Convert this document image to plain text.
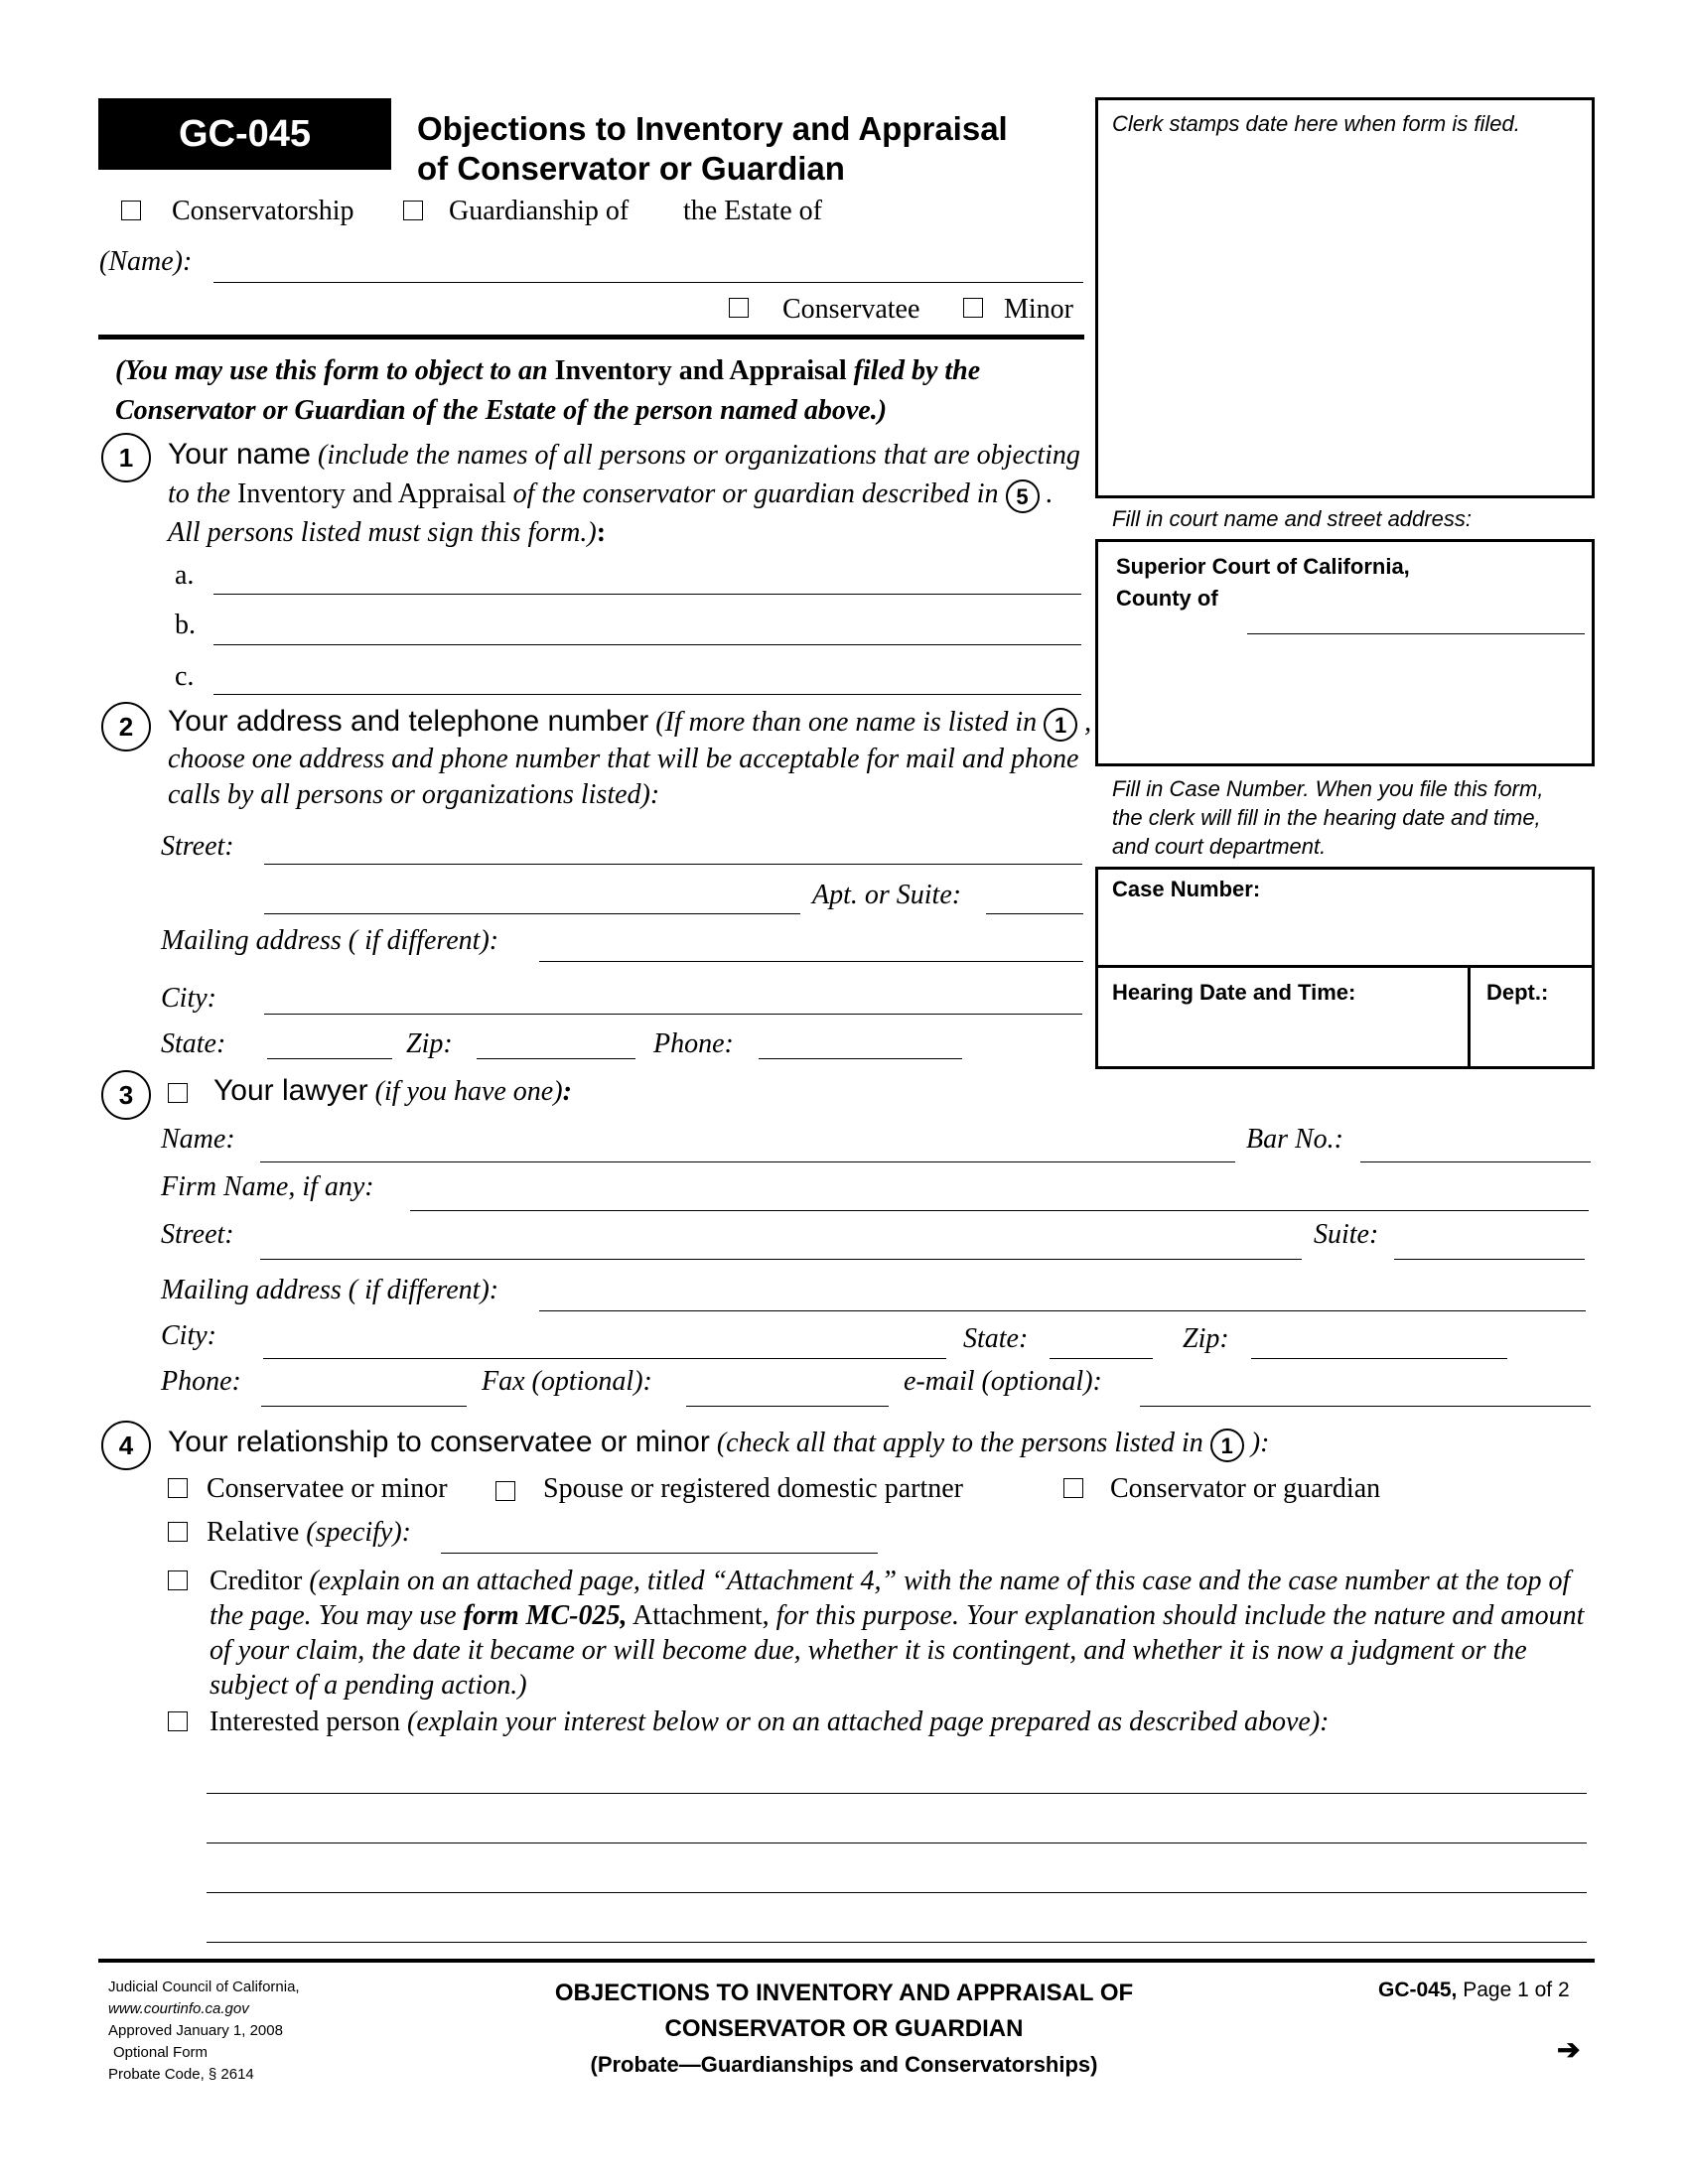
GC-045	Objections to Inventory and Appraisal
of Conservator or Guardian
Conservatorship	Guardianship of the Estate of
(Name):
Conservatee	Minor
(You may use this form to object to an Inventory and Appraisal filed by the Conservator or Guardian of the Estate of the person named above.)
1	Your name (include the names of all persons or organizations that are objecting to the Inventory and Appraisal of the conservator or guardian described in 5 . All persons listed must sign this form.):
a.
b.
c.
2	Your address and telephone number (If more than one name is listed in 1 , choose one address and phone number that will be acceptable for mail and phone calls by all persons or organizations listed):
Street:
Apt. or Suite:
Mailing address ( if different):
City:
State:	Zip:	Phone:
3	Your lawyer (if you have one):
Name:	Bar No.:
Firm Name, if any:
Street:	Suite:
Mailing address ( if different):
City:	State:	Zip:
Phone:	Fax (optional):	e-mail (optional):
4	Your relationship to conservatee or minor (check all that apply to the persons listed in 1 ):
Conservatee or minor	Spouse or registered domestic partner	Conservator or guardian
Relative (specify):
Creditor (explain on an attached page, titled “Attachment 4,” with the name of this case and the case number at the top of the page. You may use form MC-025, Attachment, for this purpose. Your explanation should include the nature and amount of your claim, the date it became or will become due, whether it is contingent, and whether it is now a judgment or the subject of a pending action.)
Interested person (explain your interest below or on an attached page prepared as described above):
Clerk stamps date here when form is filed.
Fill in court name and street address:
Superior Court of California,
County of
Fill in Case Number. When you file this form, the clerk will fill in the hearing date and time, and court department.
Case Number:
Hearing Date and Time:	Dept.:
Judicial Council of California,
www.courtinfo.ca.gov
Approved January 1, 2008
Optional Form
Probate Code, § 2614
OBJECTIONS TO INVENTORY AND APPRAISAL OF
CONSERVATOR OR GUARDIAN
(Probate—Guardianships and Conservatorships)
GC-045, Page 1 of 2
➔
